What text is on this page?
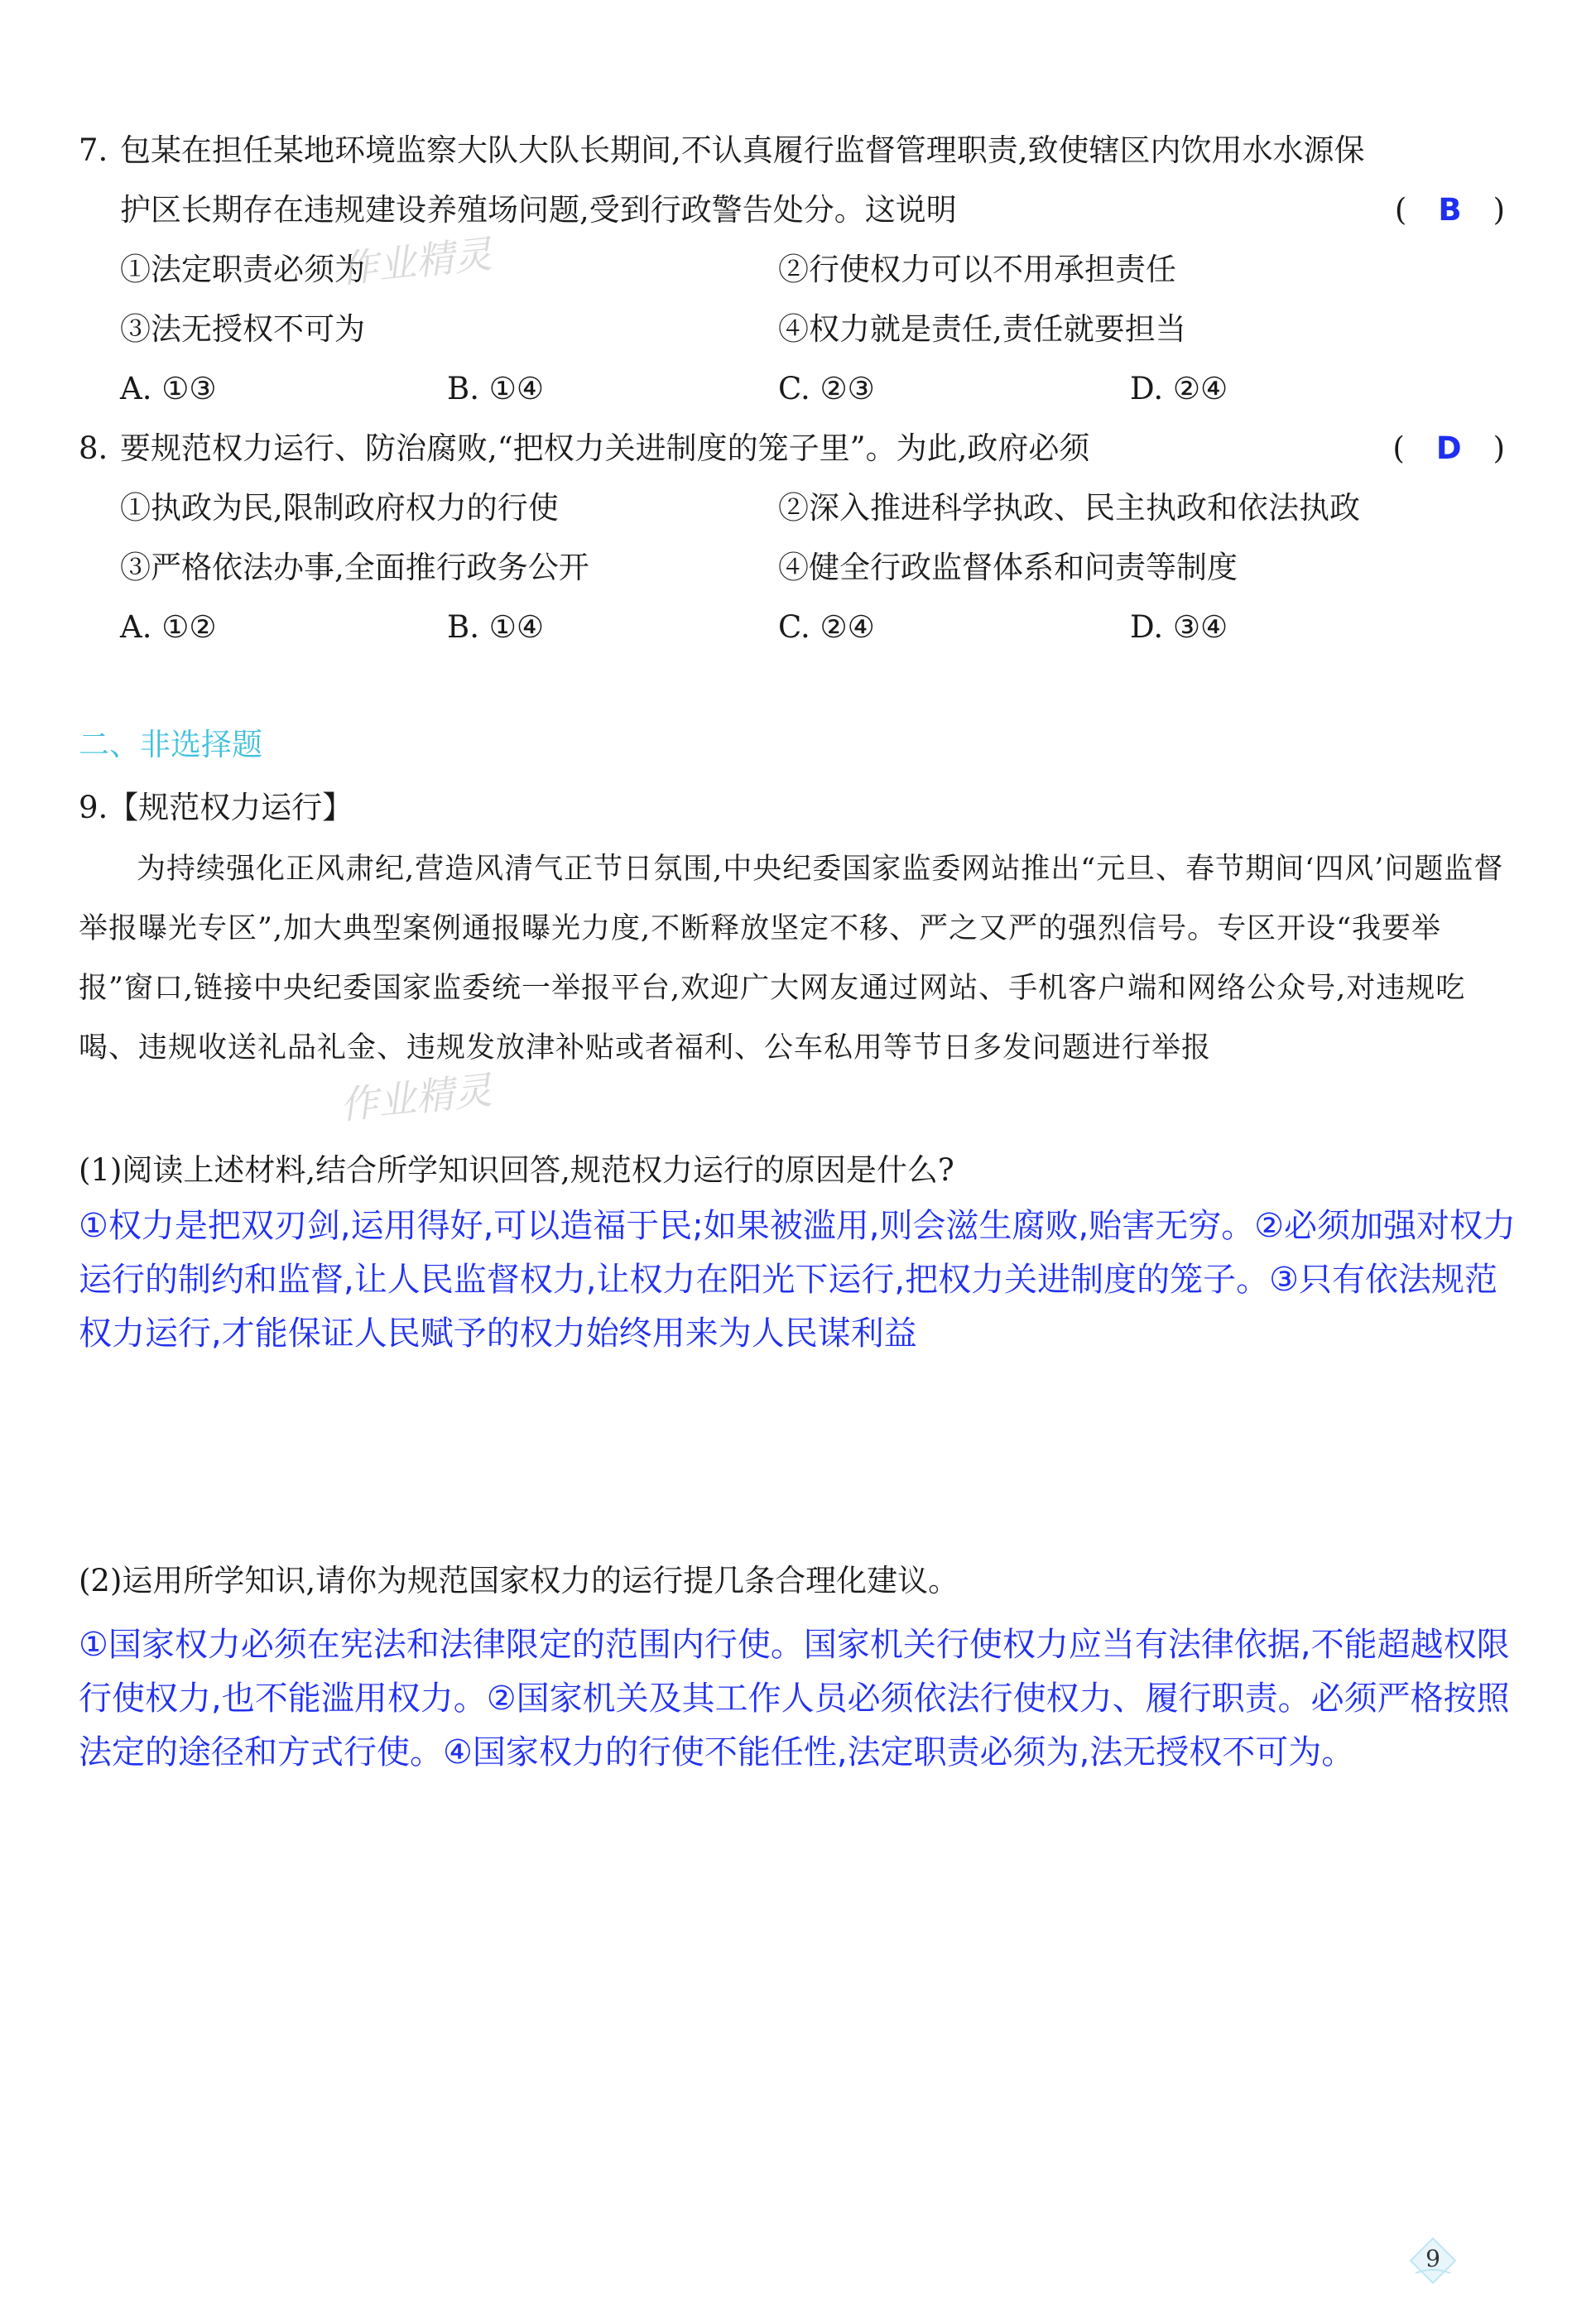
7. 包某在担任某地环境监察大队大队长期间,不认真履行监督管理职责,致使辖区内饮用水水源保
护区长期存在违规建设养殖场问题,受到行政警告处分。这说明	( B )
①法定职责必须为	②行使权力可以不用承担责任
③法无授权不可为	④权力就是责任,责任就要担当
A. ①③	B. ①④	C. ②③	D. ②④
8. 要规范权力运行、防治腐败,“把权力关进制度的笼子里”。为此,政府必须	( D )
①执政为民,限制政府权力的行使	②深入推进科学执政、民主执政和依法执政
③严格依法办事,全面推行政务公开	④健全行政监督体系和问责等制度
A. ①②	B. ①④	C. ②④	D. ③④
二、非选择题
9.【规范权力运行】

为持续强化正风肃纪,营造风清气正节日氛围,中央纪委国家监委网站推出“元旦、春节期间‘四风’问题监督举报曝光专区”,加大典型案例通报曝光力度,不断释放坚定不移、严之又严的强烈信号。专区开设“我要举报”窗口,链接中央纪委国家监委统一举报平台,欢迎广大网友通过网站、手机客户端和网络公众号,对违规吃喝、违规收送礼品礼金、违规发放津补贴或者福利、公车私用等节日多发问题进行举报

(1)阅读上述材料,结合所学知识回答,规范权力运行的原因是什么?
①权力是把双刃剑,运用得好,可以造福于民;如果被滥用,则会滋生腐败,贻害无穷。②必须加强对权力运行的制约和监督,让人民监督权力,让权力在阳光下运行,把权力关进制度的笼子。③只有依法规范权力运行,才能保证人民赋予的权力始终用来为人民谋利益
(2)运用所学知识,请你为规范国家权力的运行提几条合理化建议。
①国家权力必须在宪法和法律限定的范围内行使。国家机关行使权力应当有法律依据,不能超越权限行使权力,也不能滥用权力。②国家机关及其工作人员必须依法行使权力、履行职责。必须严格按照法定的途径和方式行使。④国家权力的行使不能任性,法定职责必须为,法无授权不可为。
作业精灵
作业精灵
9
